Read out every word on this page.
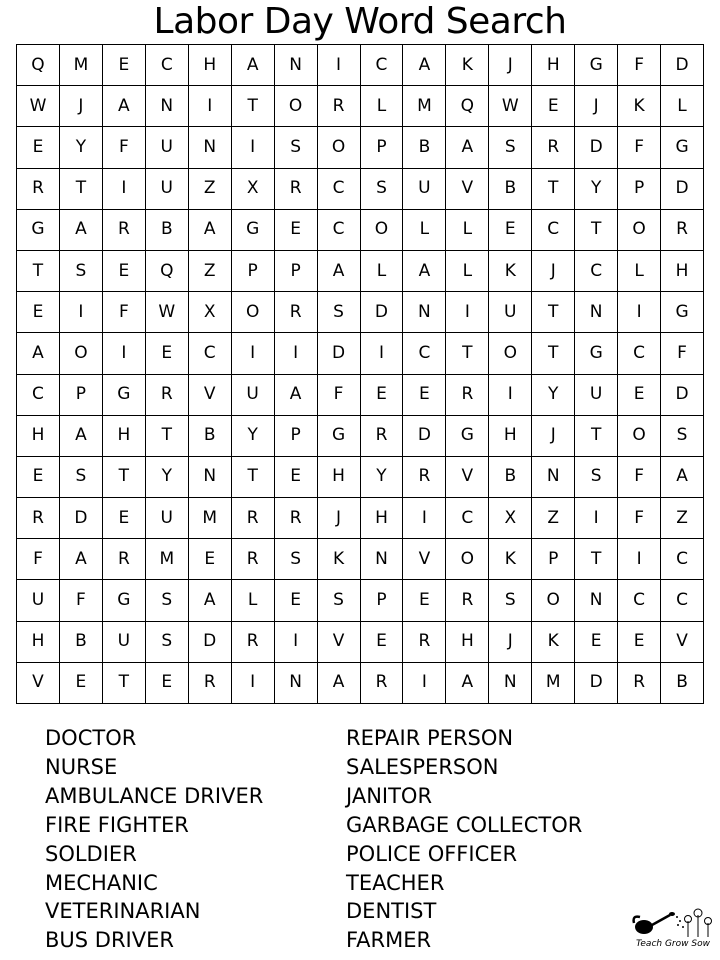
Labor Day Word Search
Q	M	E	C	H	A	N	I	C	A	K	J	H	G	F	D
W	J	A	N	I	T	O	R	L	M	Q	W	E	J	K	L
E	Y	F	U	N	I	S	O	P	B	A	S	R	D	F	G
R	T	I	U	Z	X	R	C	S	U	V	B	T	Y	P	D
G	A	R	B	A	G	E	C	O	L	L	E	C	T	O	R
T	S	E	Q	Z	P	P	A	L	A	L	K	J	C	L	H
E	I	F	W	X	O	R	S	D	N	I	U	T	N	I	G
A	O	I	E	C	I	I	D	I	C	T	O	T	G	C	F
C	P	G	R	V	U	A	F	E	E	R	I	Y	U	E	D
H	A	H	T	B	Y	P	G	R	D	G	H	J	T	O	S
E	S	T	Y	N	T	E	H	Y	R	V	B	N	S	F	A
R	D	E	U	M	R	R	J	H	I	C	X	Z	I	F	Z
F	A	R	M	E	R	S	K	N	V	O	K	P	T	I	C
U	F	G	S	A	L	E	S	P	E	R	S	O	N	C	C
H	B	U	S	D	R	I	V	E	R	H	J	K	E	E	V
V	E	T	E	R	I	N	A	R	I	A	N	M	D	R	B
DOCTOR
NURSE
AMBULANCE DRIVER
FIRE FIGHTER
SOLDIER
MECHANIC
VETERINARIAN
BUS DRIVER
REPAIR PERSON
SALESPERSON
JANITOR
GARBAGE COLLECTOR
POLICE OFFICER
TEACHER
DENTIST
FARMER	Teach Grow Sow
